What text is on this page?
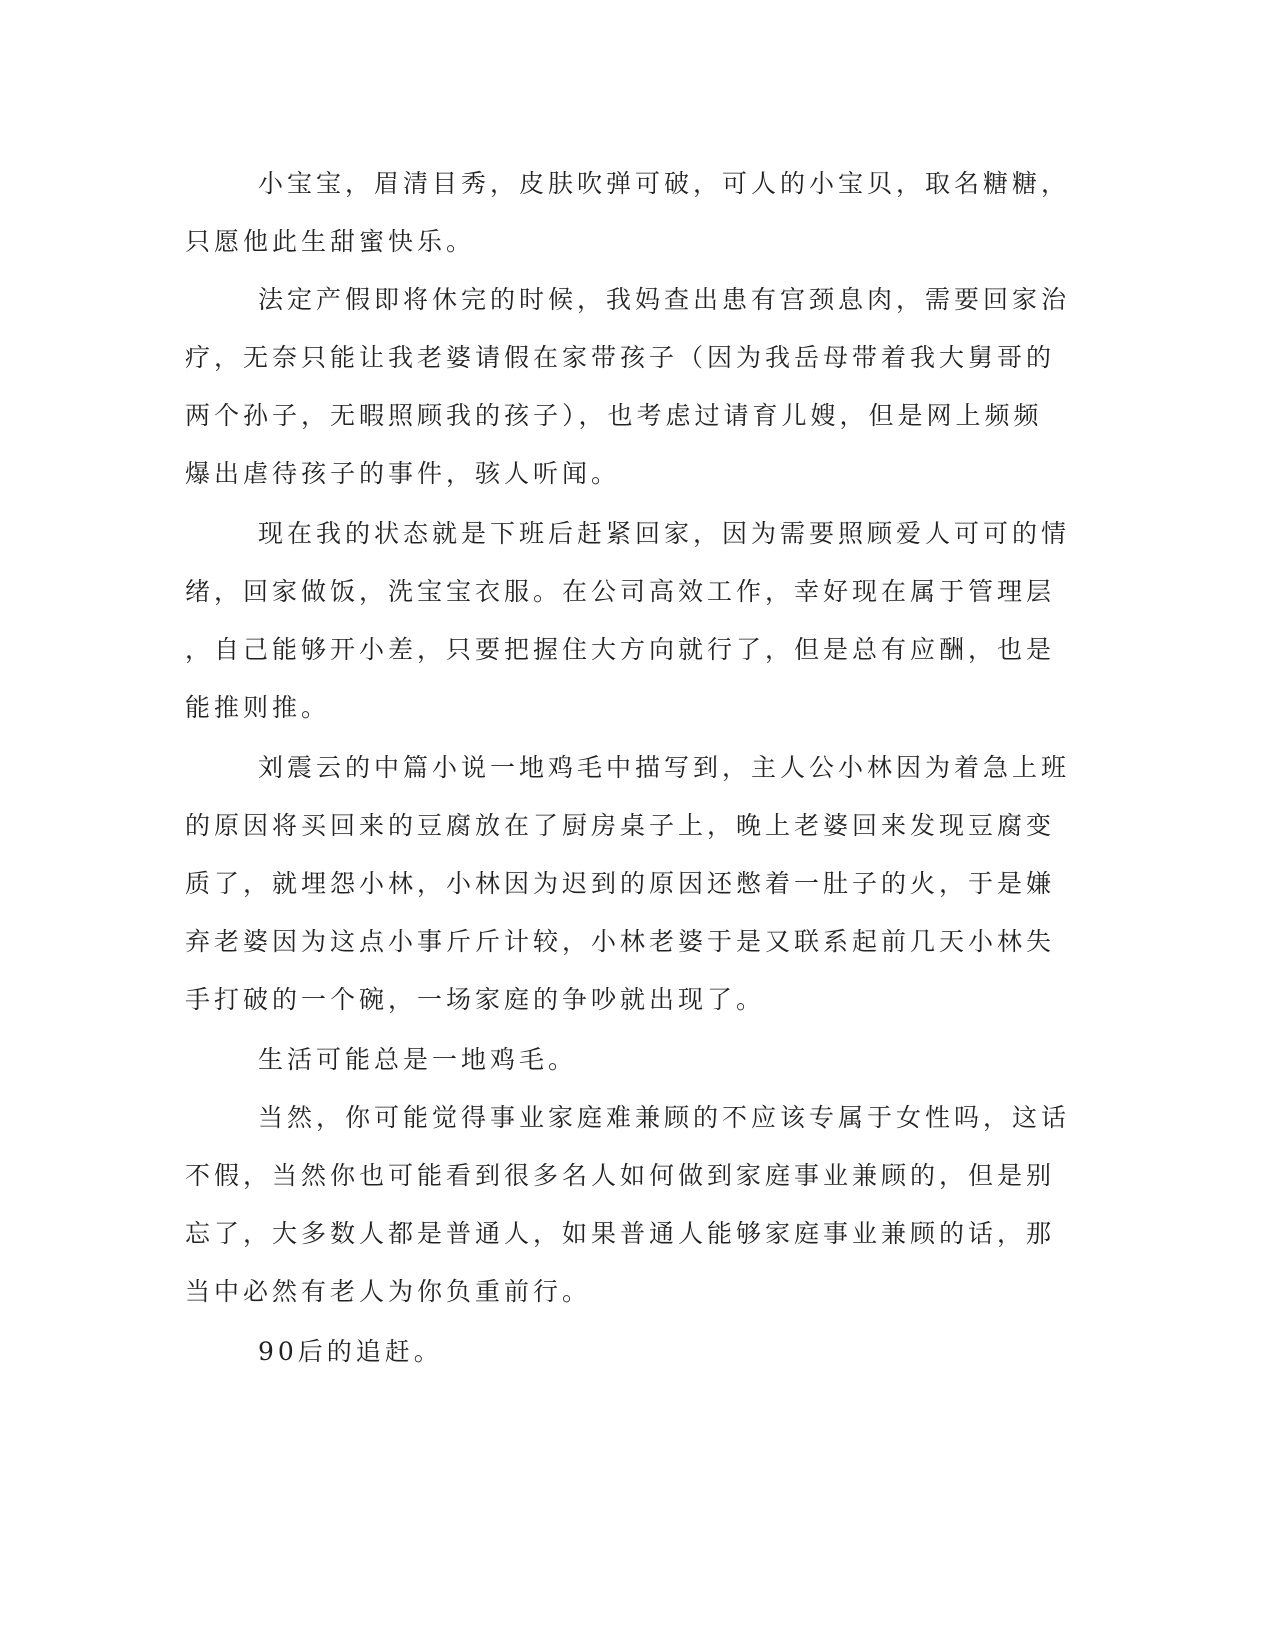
小宝宝，眉清目秀，皮肤吹弹可破，可人的小宝贝，取名糖糖，

只愿他此生甜蜜快乐。

法定产假即将休完的时候，我妈查出患有宫颈息肉，需要回家治

疗，无奈只能让我老婆请假在家带孩子（因为我岳母带着我大舅哥的

两个孙子，无暇照顾我的孩子），也考虑过请育儿嫂，但是网上频频

爆出虐待孩子的事件，骇人听闻。

现在我的状态就是下班后赶紧回家，因为需要照顾爱人可可的情

绪，回家做饭，洗宝宝衣服。在公司高效工作，幸好现在属于管理层

，自己能够开小差，只要把握住大方向就行了，但是总有应酬，也是

能推则推。

刘震云的中篇小说一地鸡毛中描写到，主人公小林因为着急上班

的原因将买回来的豆腐放在了厨房桌子上，晚上老婆回来发现豆腐变

质了，就埋怨小林，小林因为迟到的原因还憋着一肚子的火，于是嫌

弃老婆因为这点小事斤斤计较，小林老婆于是又联系起前几天小林失

手打破的一个碗，一场家庭的争吵就出现了。

生活可能总是一地鸡毛。

当然，你可能觉得事业家庭难兼顾的不应该专属于女性吗，这话

不假，当然你也可能看到很多名人如何做到家庭事业兼顾的，但是别

忘了，大多数人都是普通人，如果普通人能够家庭事业兼顾的话，那

当中必然有老人为你负重前行。

90后的追赶。
